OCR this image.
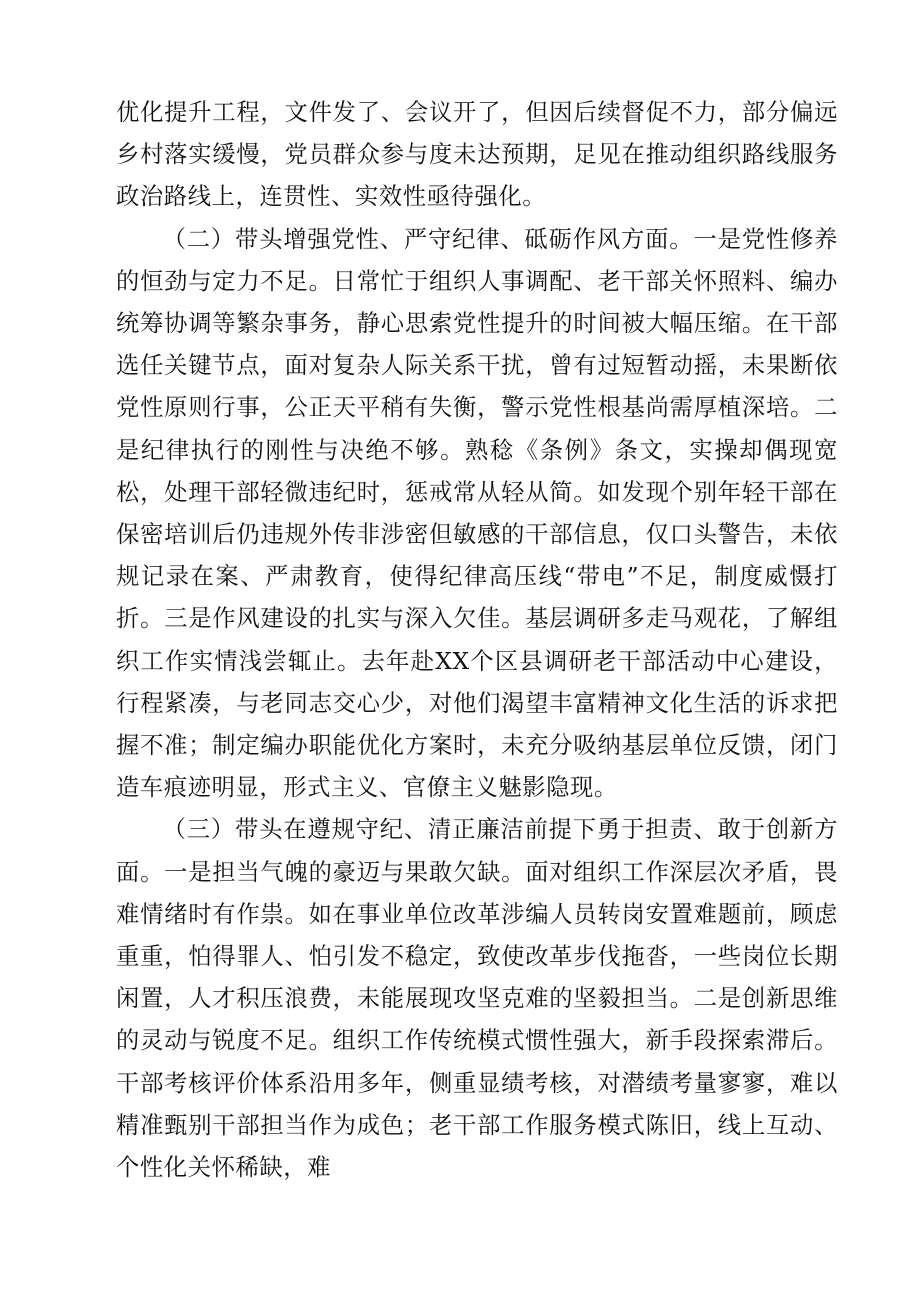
优化提升工程，文件发了、会议开了，但因后续督促不力，部分偏远乡村落实缓慢，党员群众参与度未达预期，足见在推动组织路线服务政治路线上，连贯性、实效性亟待强化。

（二）带头增强党性、严守纪律、砥砺作风方面。一是党性修养的恒劲与定力不足。日常忙于组织人事调配、老干部关怀照料、编办统筹协调等繁杂事务，静心思索党性提升的时间被大幅压缩。在干部选任关键节点，面对复杂人际关系干扰，曾有过短暂动摇，未果断依党性原则行事，公正天平稍有失衡，警示党性根基尚需厚植深培。二是纪律执行的刚性与决绝不够。熟稔《条例》条文，实操却偶现宽松，处理干部轻微违纪时，惩戒常从轻从简。如发现个别年轻干部在保密培训后仍违规外传非涉密但敏感的干部信息，仅口头警告，未依规记录在案、严肃教育，使得纪律高压线“带电”不足，制度威慑打折。三是作风建设的扎实与深入欠佳。基层调研多走马观花，了解组织工作实情浅尝辄止。去年赴XX个区县调研老干部活动中心建设，行程紧凑，与老同志交心少，对他们渴望丰富精神文化生活的诉求把握不准；制定编办职能优化方案时，未充分吸纳基层单位反馈，闭门造车痕迹明显，形式主义、官僚主义魅影隐现。

（三）带头在遵规守纪、清正廉洁前提下勇于担责、敢于创新方面。一是担当气魄的豪迈与果敢欠缺。面对组织工作深层次矛盾，畏难情绪时有作祟。如在事业单位改革涉编人员转岗安置难题前，顾虑重重，怕得罪人、怕引发不稳定，致使改革步伐拖沓，一些岗位长期闲置，人才积压浪费，未能展现攻坚克难的坚毅担当。二是创新思维的灵动与锐度不足。组织工作传统模式惯性强大，新手段探索滞后。干部考核评价体系沿用多年，侧重显绩考核，对潜绩考量寥寥，难以精准甄别干部担当作为成色；老干部工作服务模式陈旧，线上互动、个性化关怀稀缺，难
